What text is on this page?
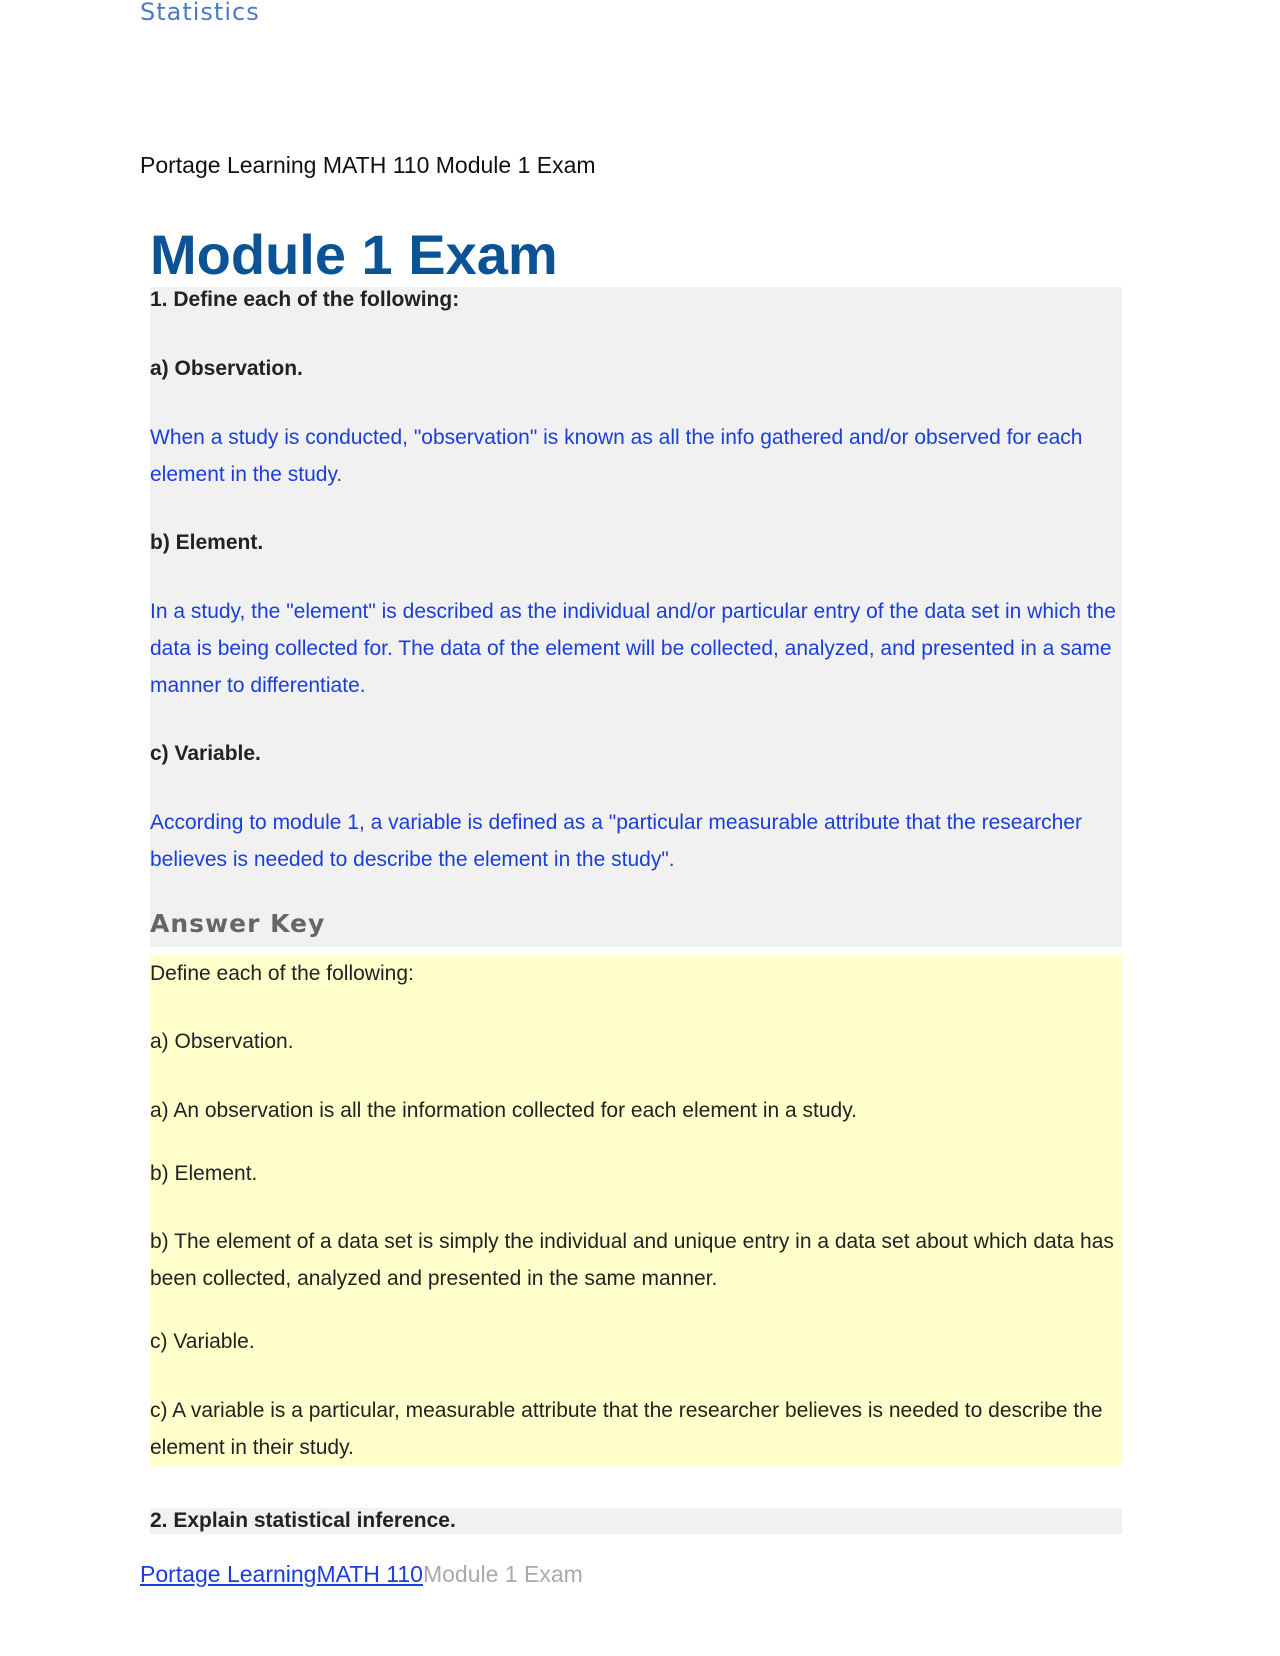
Statistics
Portage Learning MATH 110 Module 1 Exam
Module 1 Exam
1. Define each of the following:
a) Observation.
When a study is conducted, "observation" is known as all the info gathered and/or observed for each element in the study.
b) Element.
In a study, the "element" is described as the individual and/or particular entry of the data set in which the data is being collected for. The data of the element will be collected, analyzed, and presented in a same manner to differentiate.
c) Variable.
According to module 1, a variable is defined as a "particular measurable attribute that the researcher believes is needed to describe the element in the study".
Answer Key
Define each of the following:
a) Observation.
a) An observation is all the information collected for each element in a study.
b) Element.
b) The element of a data set is simply the individual and unique entry in a data set about which data has been collected, analyzed and presented in the same manner.
c) Variable.
c) A variable is a particular, measurable attribute that the researcher believes is needed to describe the element in their study.
2. Explain statistical inference.
Portage LearningMATH 110Module 1 Exam
